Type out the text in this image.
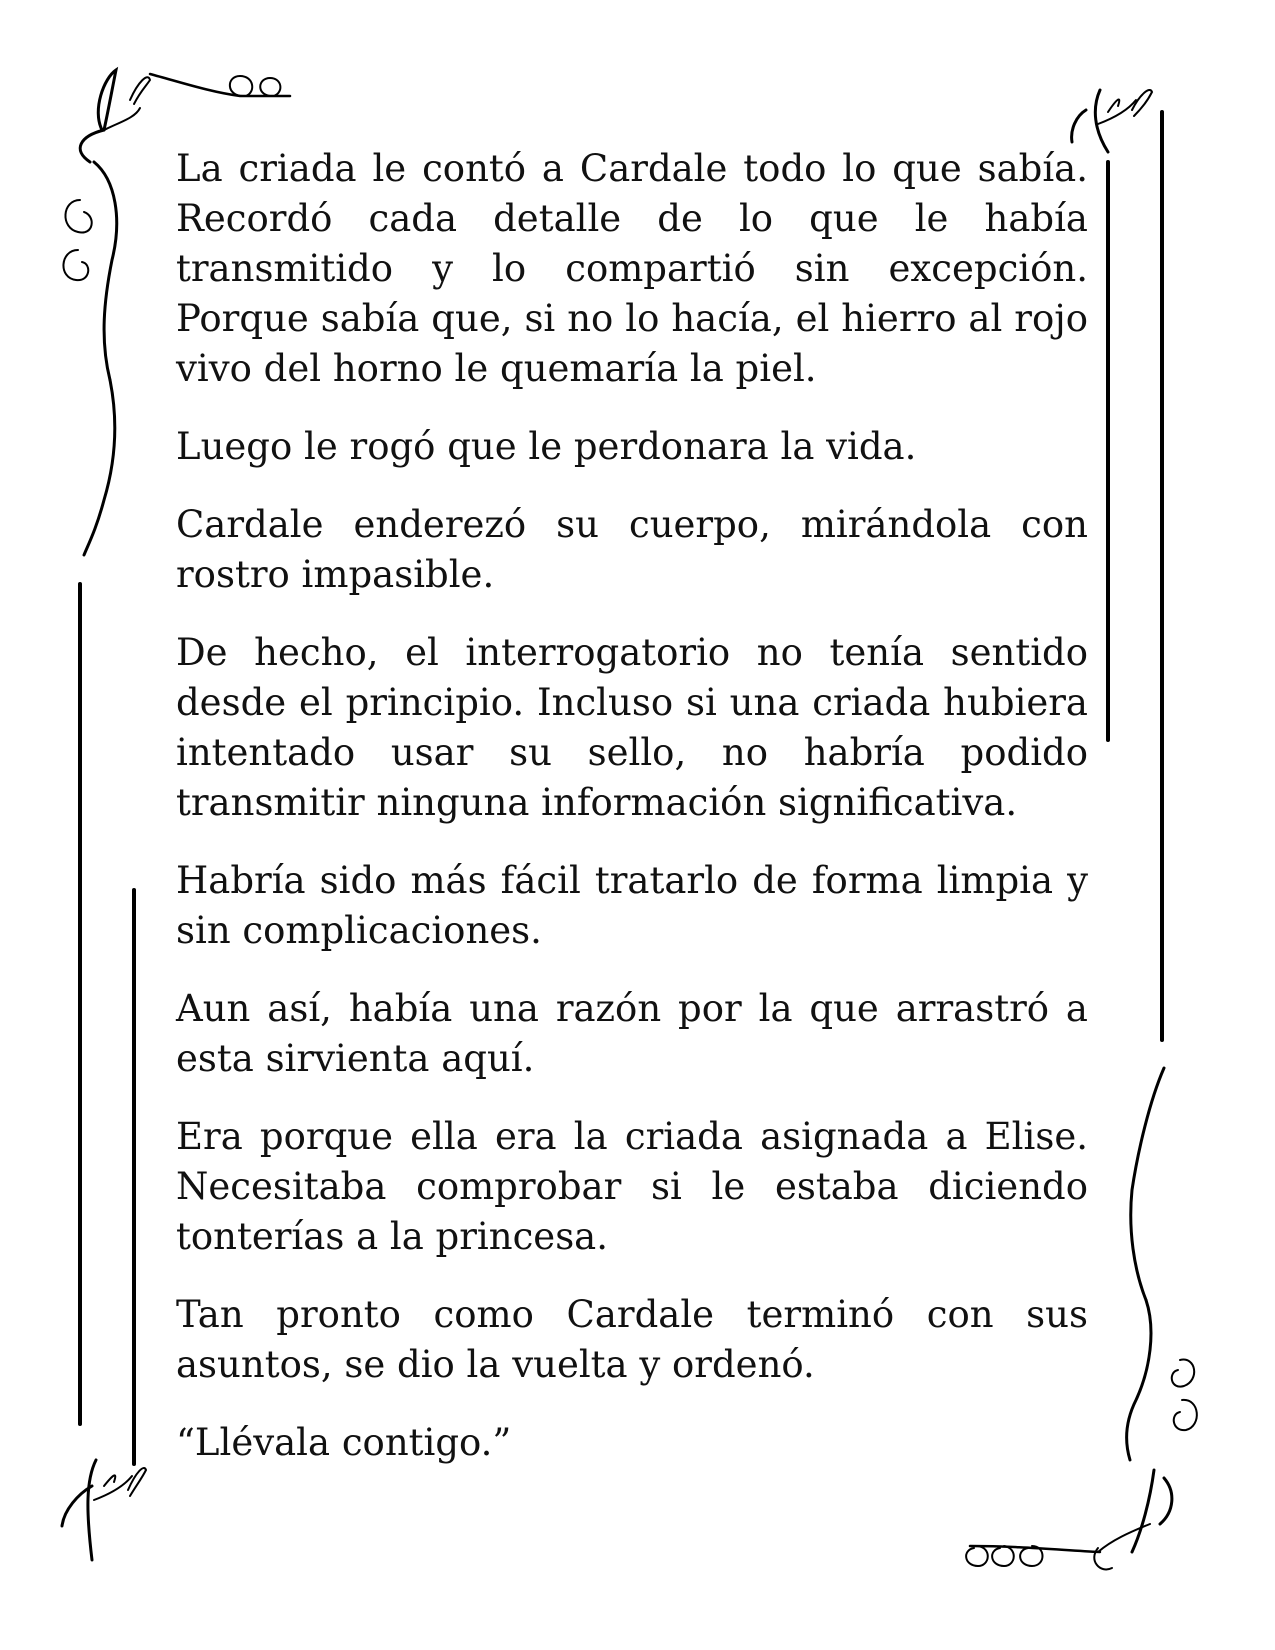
La criada le contó a Cardale todo lo que sabía. Recordó cada detalle de lo que le había transmitido y lo compartió sin excepción. Porque sabía que, si no lo hacía, el hierro al rojo vivo del horno le quemaría la piel.

Luego le rogó que le perdonara la vida.

Cardale enderezó su cuerpo, mirándola con rostro impasible.

De hecho, el interrogatorio no tenía sentido desde el principio. Incluso si una criada hubiera intentado usar su sello, no habría podido transmitir ninguna información significativa.

Habría sido más fácil tratarlo de forma limpia y sin complicaciones.

Aun así, había una razón por la que arrastró a esta sirvienta aquí.

Era porque ella era la criada asignada a Elise. Necesitaba comprobar si le estaba diciendo tonterías a la princesa.

Tan pronto como Cardale terminó con sus asuntos, se dio la vuelta y ordenó.

“Llévala contigo.”
